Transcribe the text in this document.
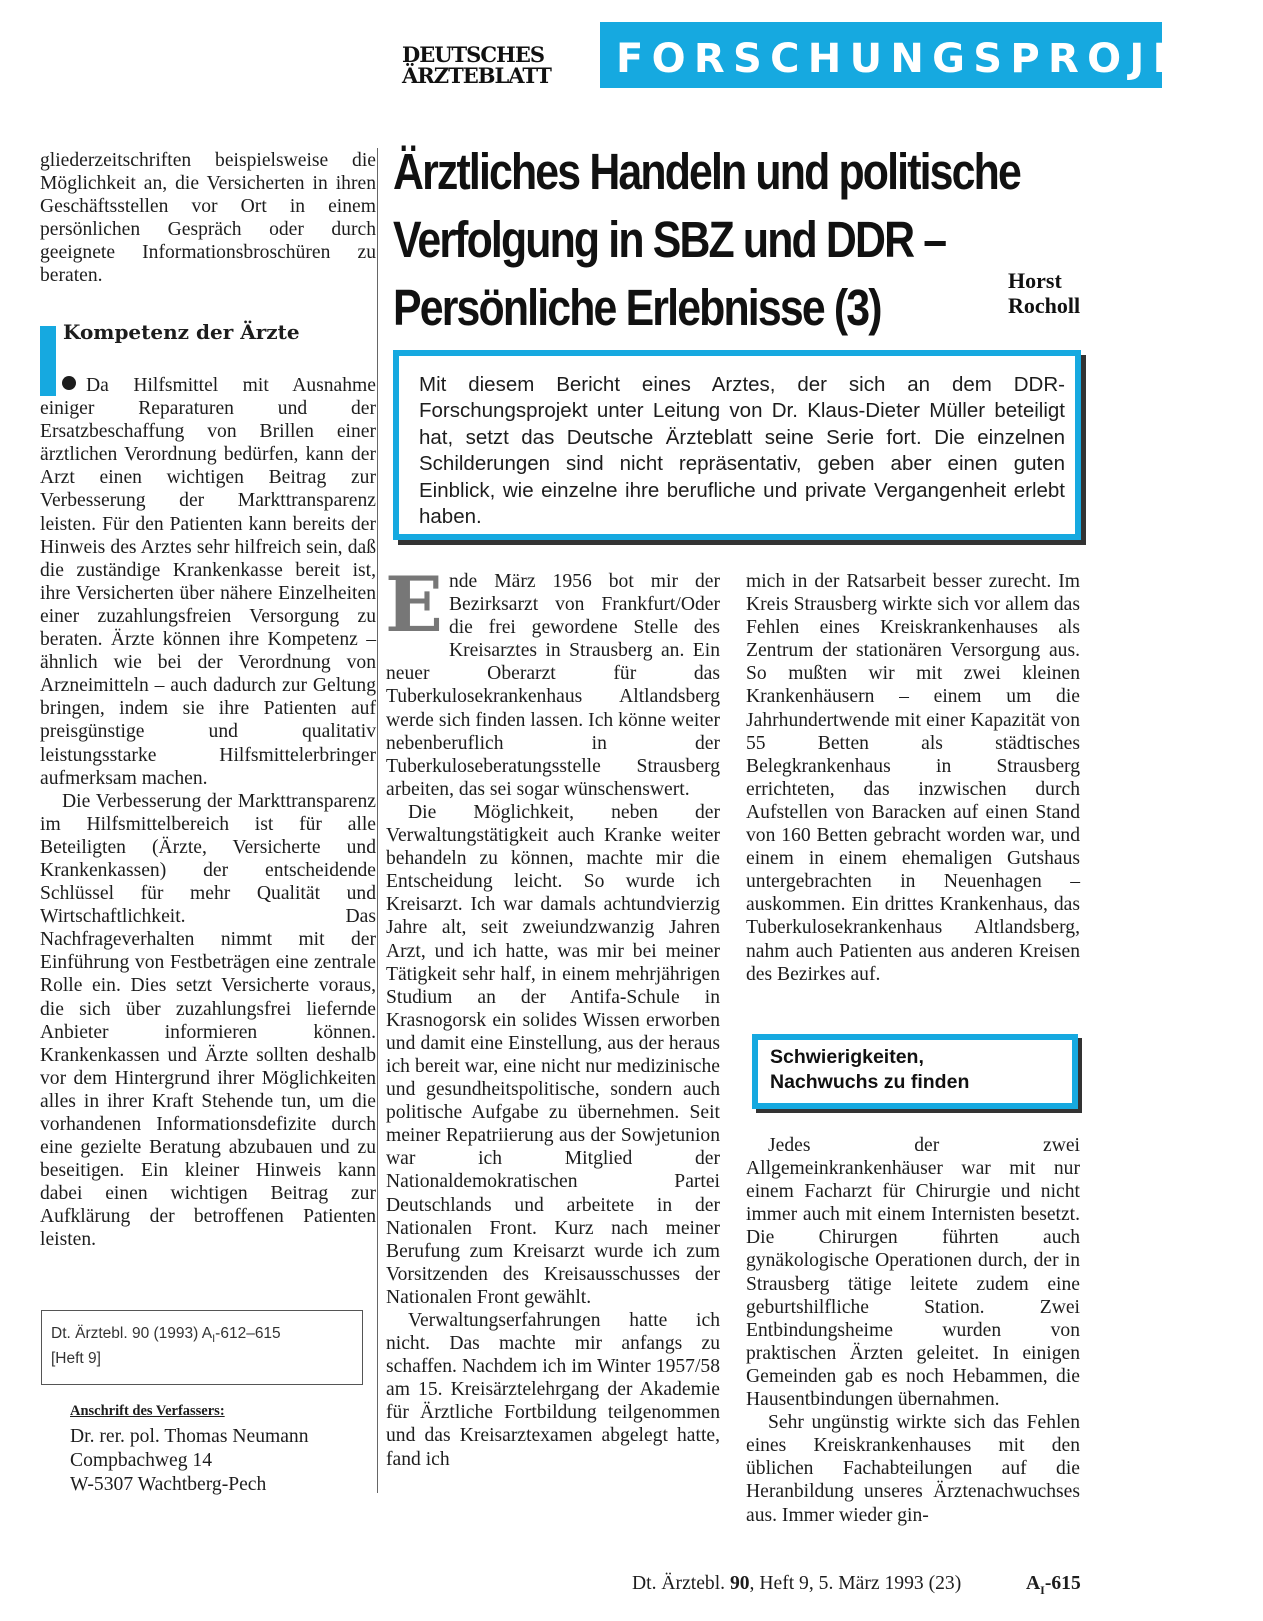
DEUTSCHES
ÄRZTEBLATT	FORSCHUNGSPROJEKT

gliederzeitschriften beispielsweise die Möglichkeit an, die Versicherten in ihren Geschäftsstellen vor Ort in einem persönlichen Gespräch oder durch geeignete Informationsbroschüren zu beraten.

Kompetenz der Ärzte

Da Hilfsmittel mit Ausnahme einiger Reparaturen und der Ersatzbeschaffung von Brillen einer ärztlichen Verordnung bedürfen, kann der Arzt einen wichtigen Beitrag zur Verbesserung der Markttransparenz leisten. Für den Patienten kann bereits der Hinweis des Arztes sehr hilfreich sein, daß die zuständige Krankenkasse bereit ist, ihre Versicherten über nähere Einzelheiten einer zuzahlungsfreien Versorgung zu beraten. Ärzte können ihre Kompetenz – ähnlich wie bei der Verordnung von Arzneimitteln – auch dadurch zur Geltung bringen, indem sie ihre Patienten auf preisgünstige und qualitativ leistungsstarke Hilfsmittelerbringer aufmerksam machen.

Die Verbesserung der Markttransparenz im Hilfsmittelbereich ist für alle Beteiligten (Ärzte, Versicherte und Krankenkassen) der entscheidende Schlüssel für mehr Qualität und Wirtschaftlichkeit. Das Nachfrageverhalten nimmt mit der Einführung von Festbeträgen eine zentrale Rolle ein. Dies setzt Versicherte voraus, die sich über zuzahlungsfrei liefernde Anbieter informieren können. Krankenkassen und Ärzte sollten deshalb vor dem Hintergrund ihrer Möglichkeiten alles in ihrer Kraft Stehende tun, um die vorhandenen Informationsdefizite durch eine gezielte Beratung abzubauen und zu beseitigen. Ein kleiner Hinweis kann dabei einen wichtigen Beitrag zur Aufklärung der betroffenen Patienten leisten.

Dt. Ärztebl. 90 (1993) $A_I-612-615$
[Heft 9]
Anschrift des Verfassers:
Dr. rer. pol. Thomas Neumann
Compbachweg 14
W-5307 Wachtberg-Pech
Ärztliches Handeln und politische
Verfolgung in SBZ und DDR –
Persönliche Erlebnisse (3)	Horst
Rocholl

Mit diesem Bericht eines Arztes, der sich an dem DDR-Forschungsprojekt unter Leitung von Dr. Klaus-Dieter Müller beteiligt hat, setzt das Deutsche Ärzteblatt seine Serie fort. Die einzelnen Schilderungen sind nicht repräsentativ, geben aber einen guten Einblick, wie einzelne ihre berufliche und private Vergangenheit erlebt haben.

Ende März 1956 bot mir der Bezirksarzt von Frankfurt/Oder die frei gewordene Stelle des Kreisarztes in Strausberg an. Ein neuer Oberarzt für das Tuberkulosekrankenhaus Altlandsberg werde sich finden lassen. Ich könne weiter nebenberuflich in der Tuberkuloseberatungsstelle Strausberg arbeiten, das sei sogar wünschenswert.

Die Möglichkeit, neben der Verwaltungstätigkeit auch Kranke weiter behandeln zu können, machte mir die Entscheidung leicht. So wurde ich Kreisarzt. Ich war damals achtundvierzig Jahre alt, seit zweiundzwanzig Jahren Arzt, und ich hatte, was mir bei meiner Tätigkeit sehr half, in einem mehrjährigen Studium an der Antifa-Schule in Krasnogorsk ein solides Wissen erworben und damit eine Einstellung, aus der heraus ich bereit war, eine nicht nur medizinische und gesundheitspolitische, sondern auch politische Aufgabe zu übernehmen. Seit meiner Repatriierung aus der Sowjetunion war ich Mitglied der Nationaldemokratischen Partei Deutschlands und arbeitete in der Nationalen Front. Kurz nach meiner Berufung zum Kreisarzt wurde ich zum Vorsitzenden des Kreisausschusses der Nationalen Front gewählt.

Verwaltungserfahrungen hatte ich nicht. Das machte mir anfangs zu schaffen. Nachdem ich im Winter 1957/58 am 15. Kreisärztelehrgang der Akademie für Ärztliche Fortbildung teilgenommen und das Kreisarztexamen abgelegt hatte, fand ich

mich in der Ratsarbeit besser zurecht. Im Kreis Strausberg wirkte sich vor allem das Fehlen eines Kreiskrankenhauses als Zentrum der stationären Versorgung aus. So mußten wir mit zwei kleinen Krankenhäusern – einem um die Jahrhundertwende mit einer Kapazität von 55 Betten als städtisches Belegkrankenhaus in Strausberg errichteten, das inzwischen durch Aufstellen von Baracken auf einen Stand von 160 Betten gebracht worden war, und einem in einem ehemaligen Gutshaus untergebrachten in Neuenhagen – auskommen. Ein drittes Krankenhaus, das Tuberkulosekrankenhaus Altlandsberg, nahm auch Patienten aus anderen Kreisen des Bezirkes auf.

Schwierigkeiten,
Nachwuchs zu finden

Jedes der zwei Allgemeinkrankenhäuser war mit nur einem Facharzt für Chirurgie und nicht immer auch mit einem Internisten besetzt. Die Chirurgen führten auch gynäkologische Operationen durch, der in Strausberg tätige leitete zudem eine geburtshilfliche Station. Zwei Entbindungsheime wurden von praktischen Ärzten geleitet. In einigen Gemeinden gab es noch Hebammen, die Hausentbindungen übernahmen.

Sehr ungünstig wirkte sich das Fehlen eines Kreiskrankenhauses mit den üblichen Fachabteilungen auf die Heranbildung unseres Ärztenachwuchses aus. Immer wieder gin-

Dt. Ärztebl. 90, Heft 9, 5. März 1993 (23)	$A_I-615$
